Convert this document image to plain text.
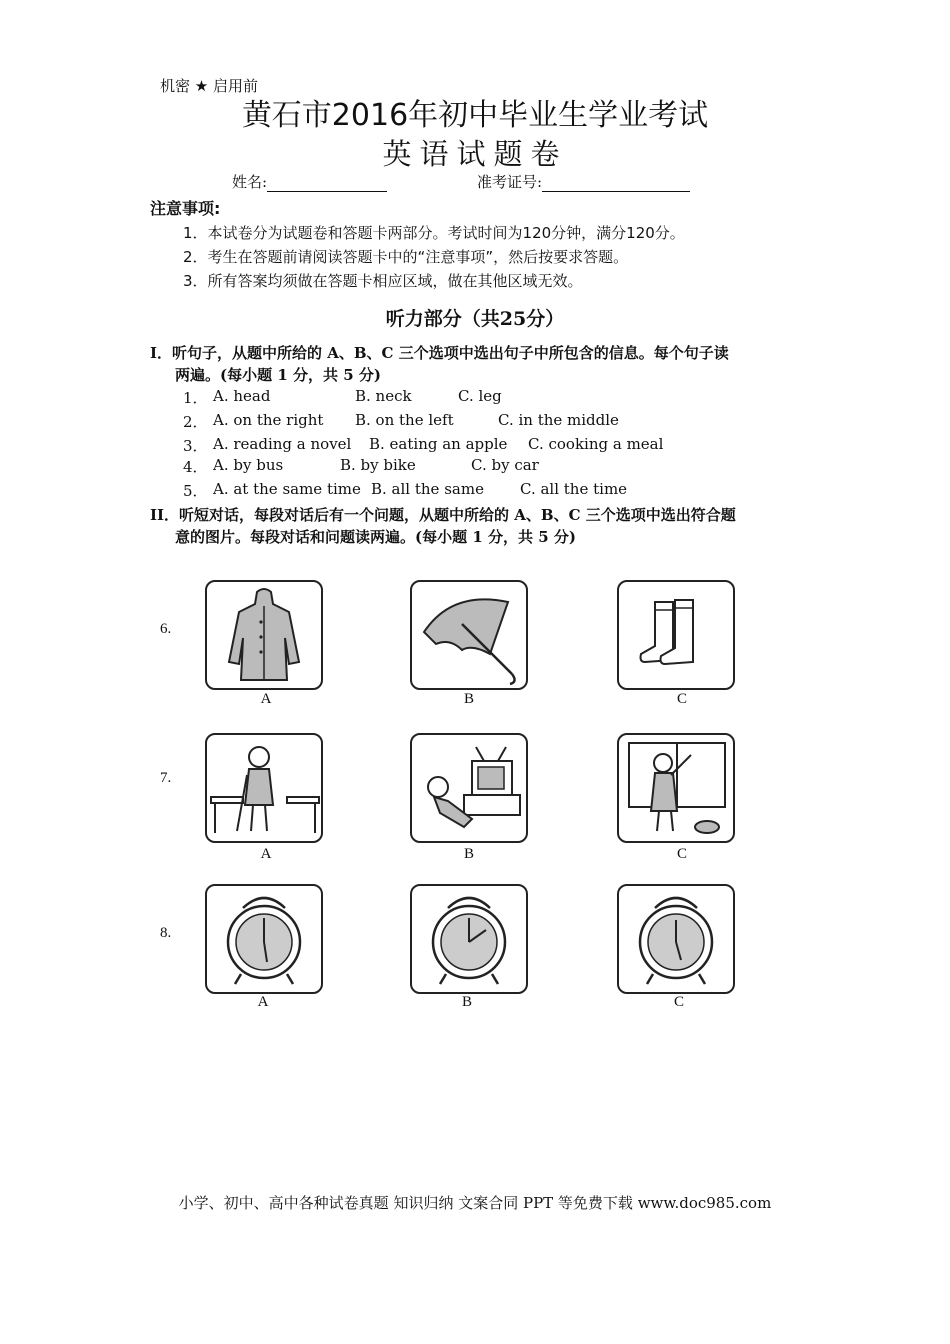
机密 ★ 启用前
黄石市2016年初中毕业生学业考试
英语试题卷
姓名:	准考证号:
注意事项:
1．本试卷分为试题卷和答题卡两部分。考试时间为120分钟，满分120分。
2．考生在答题前请阅读答题卡中的“注意事项”，然后按要求答题。
3．所有答案均须做在答题卡相应区域，做在其他区域无效。
听力部分（共25分）
I．听句子，从题中所给的 A、B、C 三个选项中选出句子中所包含的信息。每个句子读
两遍。(每小题 1 分，共 5 分)
1． A. head	B. neck	C. leg
2． A. on the right B. on the left	C. in the middle
3． A. reading a novel B. eating an apple C. cooking a meal
4． A. by bus	B. by bike	C. by car
5． A. at the same time B. all the same C. all the time
II．听短对话，每段对话后有一个问题，从题中所给的 A、B、C 三个选项中选出符合题
意的图片。每段对话和问题读两遍。(每小题 1 分，共 5 分)
6.
7.
8.
A	B	C
A	B	C
A	B	C
小学、初中、高中各种试卷真题 知识归纳 文案合同 PPT 等免费下载 www.doc985.com
